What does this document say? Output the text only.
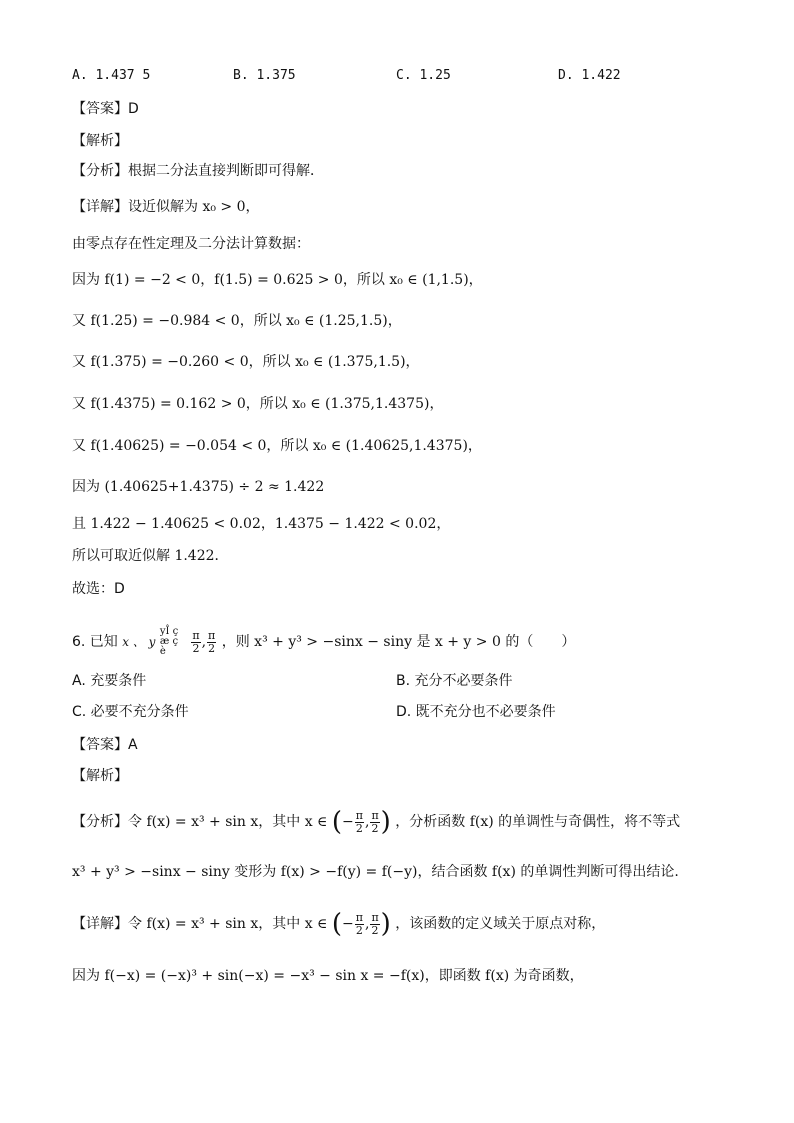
A. 1.437 5	B. 1.375	C. 1.25	D. 1.422
【答案】D
【解析】
【分析】根据二分法直接判断即可得解．
【详解】设近似解为 x₀ > 0，
由零点存在性定理及二分法计算数据：
因为 f(1) = −2 < 0，f(1.5) = 0.625 > 0，所以 x₀ ∈ (1,1.5)，
又 f(1.25) = −0.984 < 0，所以 x₀ ∈ (1.25,1.5)，
又 f(1.375) = −0.260 < 0，所以 x₀ ∈ (1.375,1.5)，
又 f(1.4375) = 0.162 > 0，所以 x₀ ∈ (1.375,1.4375)，
又 f(1.40625) = −0.054 < 0，所以 x₀ ∈ (1.40625,1.4375)，
因为 (1.40625+1.4375) ÷ 2 ≈ 1.422
且 1.422 − 1.40625 < 0.02，1.4375 − 1.422 < 0.02，
所以可取近似解 1.422．
故选：D
6. 已知 x 、 y yÎ çæ ç è $\frac{\pi}{2}$ , $\frac{\pi}{2}$ ，则 x³ + y³ > −sinx − siny 是 x + y > 0 的（　　）
A. 充要条件	B. 充分不必要条件
C. 必要不充分条件	D. 既不充分也不必要条件
【答案】A
【解析】
【分析】令 f(x) = x³ + sin x，其中 x ∈ (− $\frac{\pi}{2}$ , $\frac{\pi}{2}$ ) ，分析函数 f(x) 的单调性与奇偶性，将不等式
x³ + y³ > −sinx − siny 变形为 f(x) > −f(y) = f(−y)，结合函数 f(x) 的单调性判断可得出结论.
【详解】令 f(x) = x³ + sin x，其中 x ∈ (− $\frac{\pi}{2}$ , $\frac{\pi}{2}$ ) ，该函数的定义域关于原点对称，
因为 f(−x) = (−x)³ + sin(−x) = −x³ − sin x = −f(x)，即函数 f(x) 为奇函数，
